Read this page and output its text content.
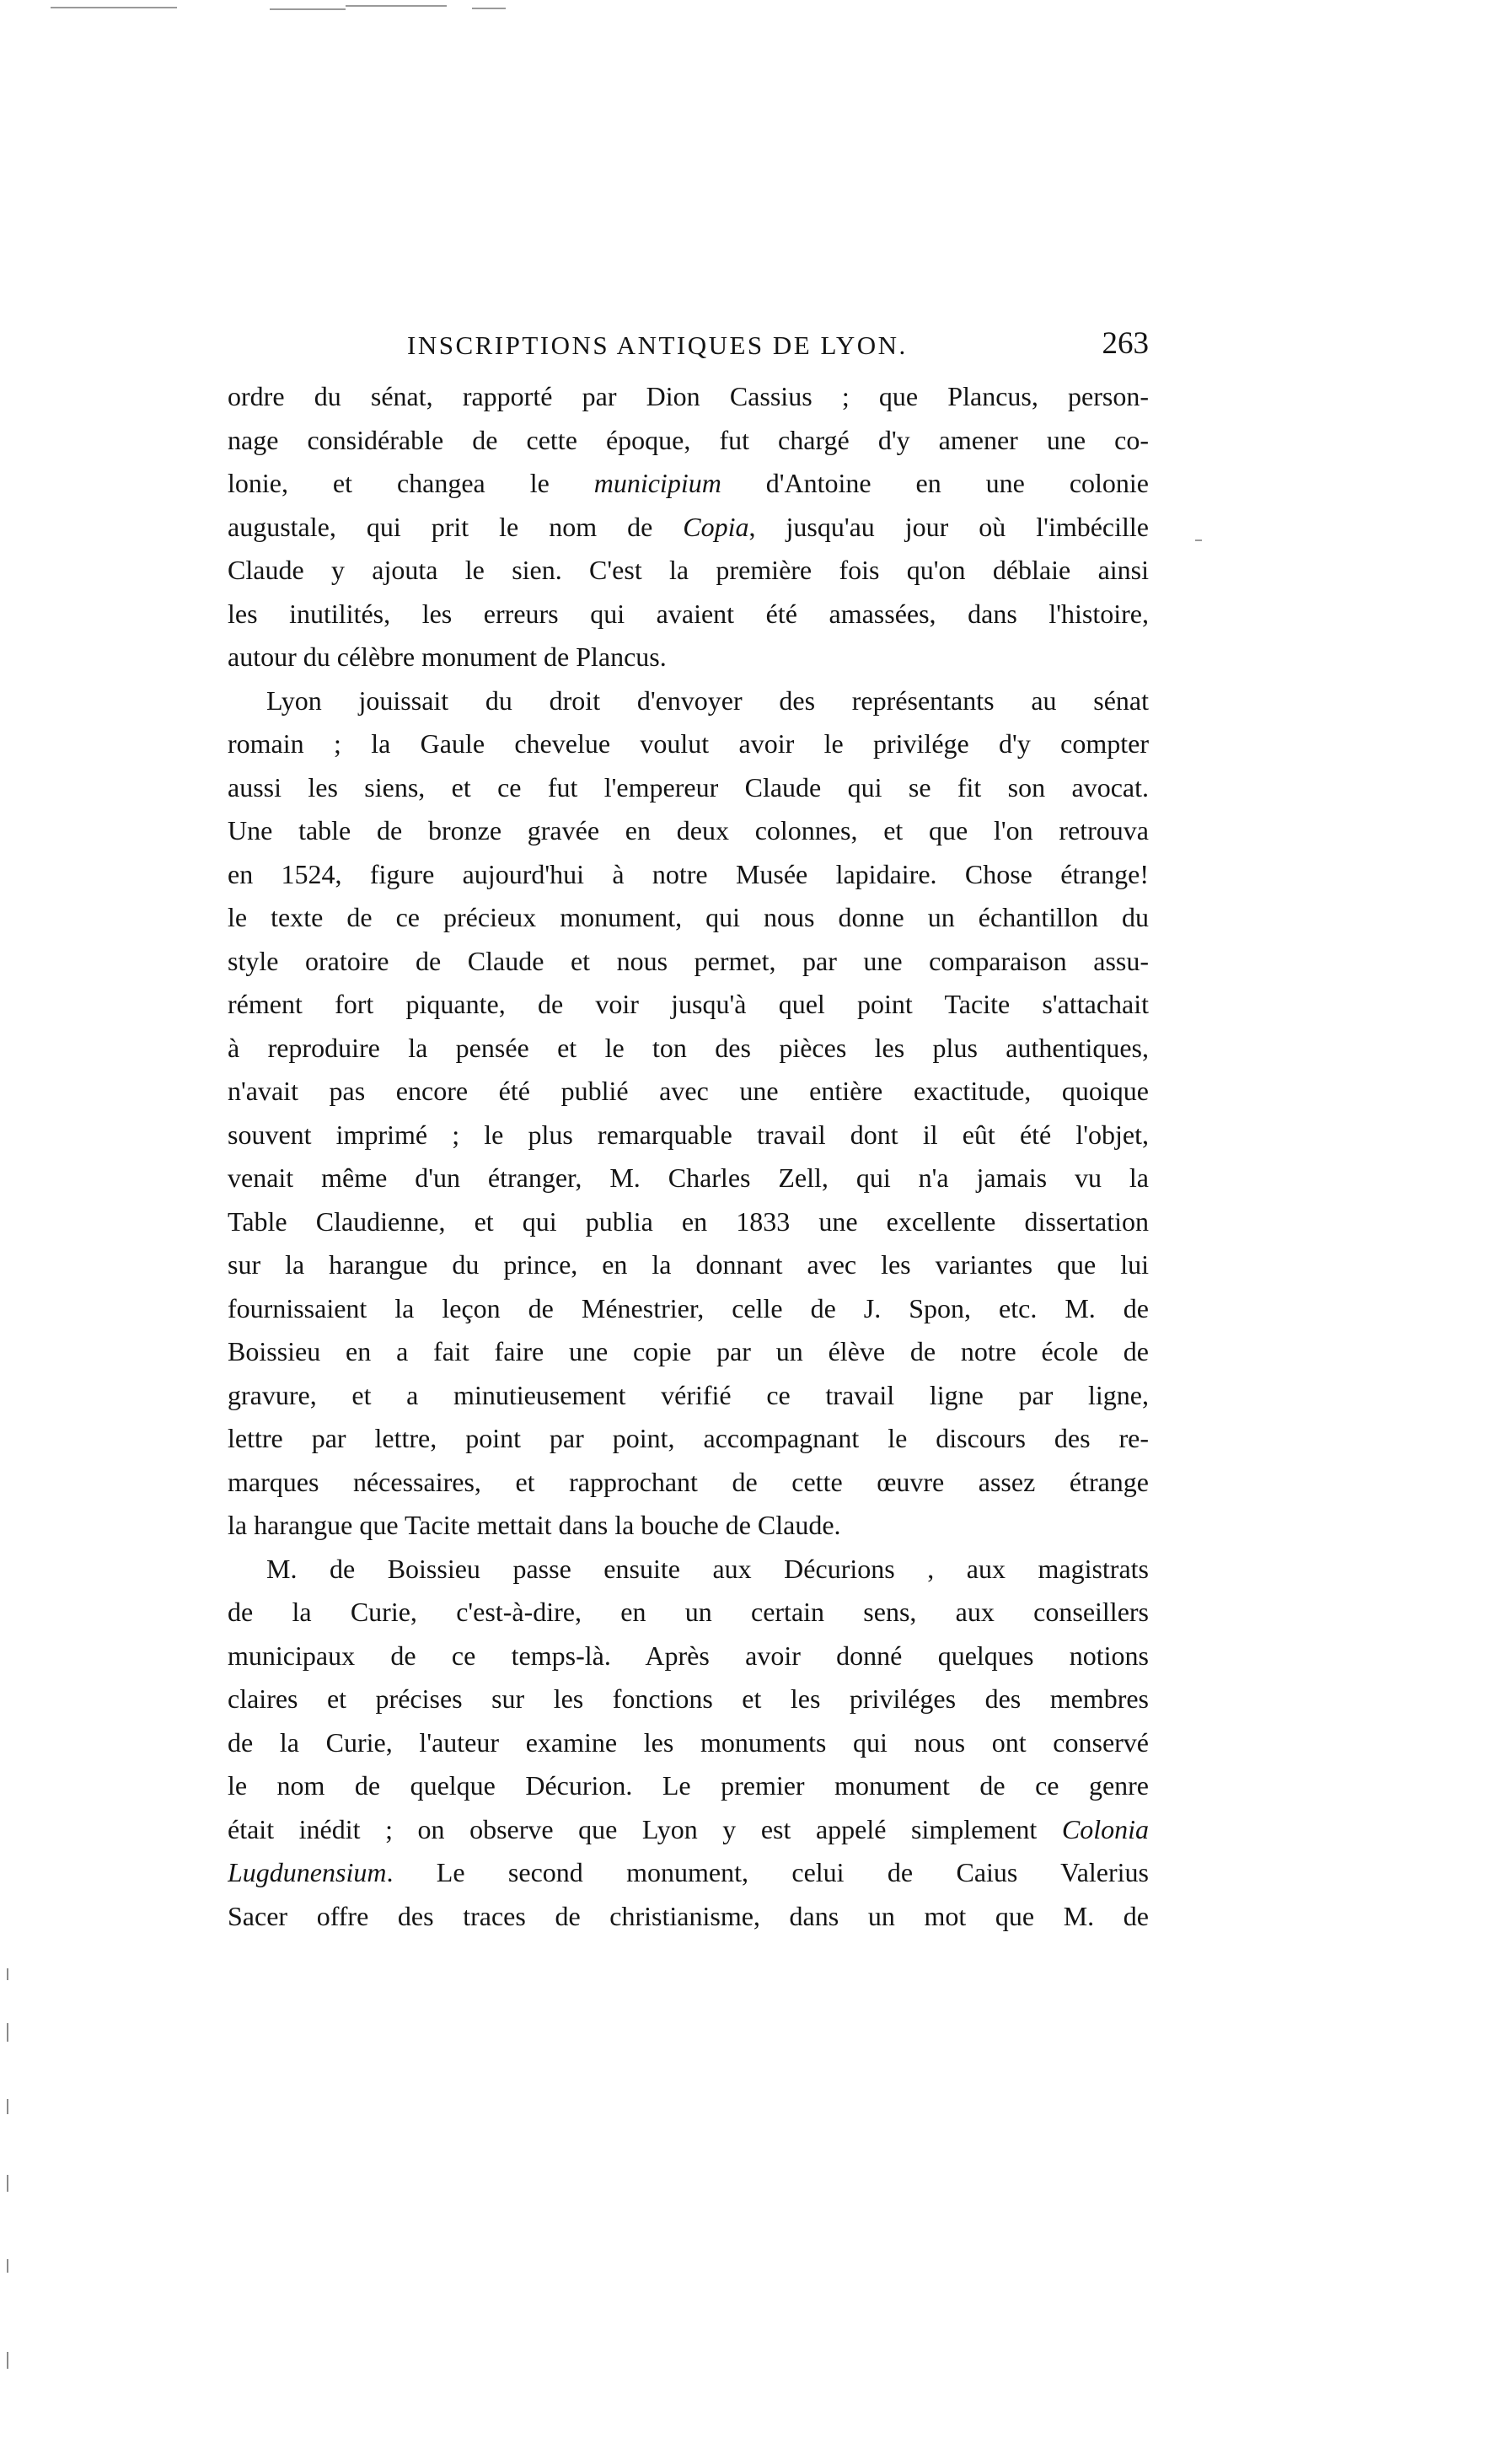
INSCRIPTIONS ANTIQUES DE LYON.	263
ordre du sénat, rapporté par Dion Cassius ; que Plancus, person-
nage considérable de cette époque, fut chargé d'y amener une co-
lonie, et changea le municipium d'Antoine en une colonie
augustale, qui prit le nom de Copia, jusqu'au jour où l'imbécille
Claude y ajouta le sien. C'est la première fois qu'on déblaie ainsi
les inutilités, les erreurs qui avaient été amassées, dans l'histoire,
autour du célèbre monument de Plancus.
Lyon jouissait du droit d'envoyer des représentants au sénat
romain ; la Gaule chevelue voulut avoir le privilége d'y compter
aussi les siens, et ce fut l'empereur Claude qui se fit son avocat.
Une table de bronze gravée en deux colonnes, et que l'on retrouva
en 1524, figure aujourd'hui à notre Musée lapidaire. Chose étrange!
le texte de ce précieux monument, qui nous donne un échantillon du
style oratoire de Claude et nous permet, par une comparaison assu-
rément fort piquante, de voir jusqu'à quel point Tacite s'attachait
à reproduire la pensée et le ton des pièces les plus authentiques,
n'avait pas encore été publié avec une entière exactitude, quoique
souvent imprimé ; le plus remarquable travail dont il eût été l'objet,
venait même d'un étranger, M. Charles Zell, qui n'a jamais vu la
Table Claudienne, et qui publia en 1833 une excellente dissertation
sur la harangue du prince, en la donnant avec les variantes que lui
fournissaient la leçon de Ménestrier, celle de J. Spon, etc. M. de
Boissieu en a fait faire une copie par un élève de notre école de
gravure, et a minutieusement vérifié ce travail ligne par ligne,
lettre par lettre, point par point, accompagnant le discours des re-
marques nécessaires, et rapprochant de cette œuvre assez étrange
la harangue que Tacite mettait dans la bouche de Claude.
M. de Boissieu passe ensuite aux Décurions , aux magistrats
de la Curie, c'est-à-dire, en un certain sens, aux conseillers
municipaux de ce temps-là. Après avoir donné quelques notions
claires et précises sur les fonctions et les priviléges des membres
de la Curie, l'auteur examine les monuments qui nous ont conservé
le nom de quelque Décurion. Le premier monument de ce genre
était inédit ; on observe que Lyon y est appelé simplement Colonia
Lugdunensium. Le second monument, celui de Caius Valerius
Sacer offre des traces de christianisme, dans un mot que M. de
